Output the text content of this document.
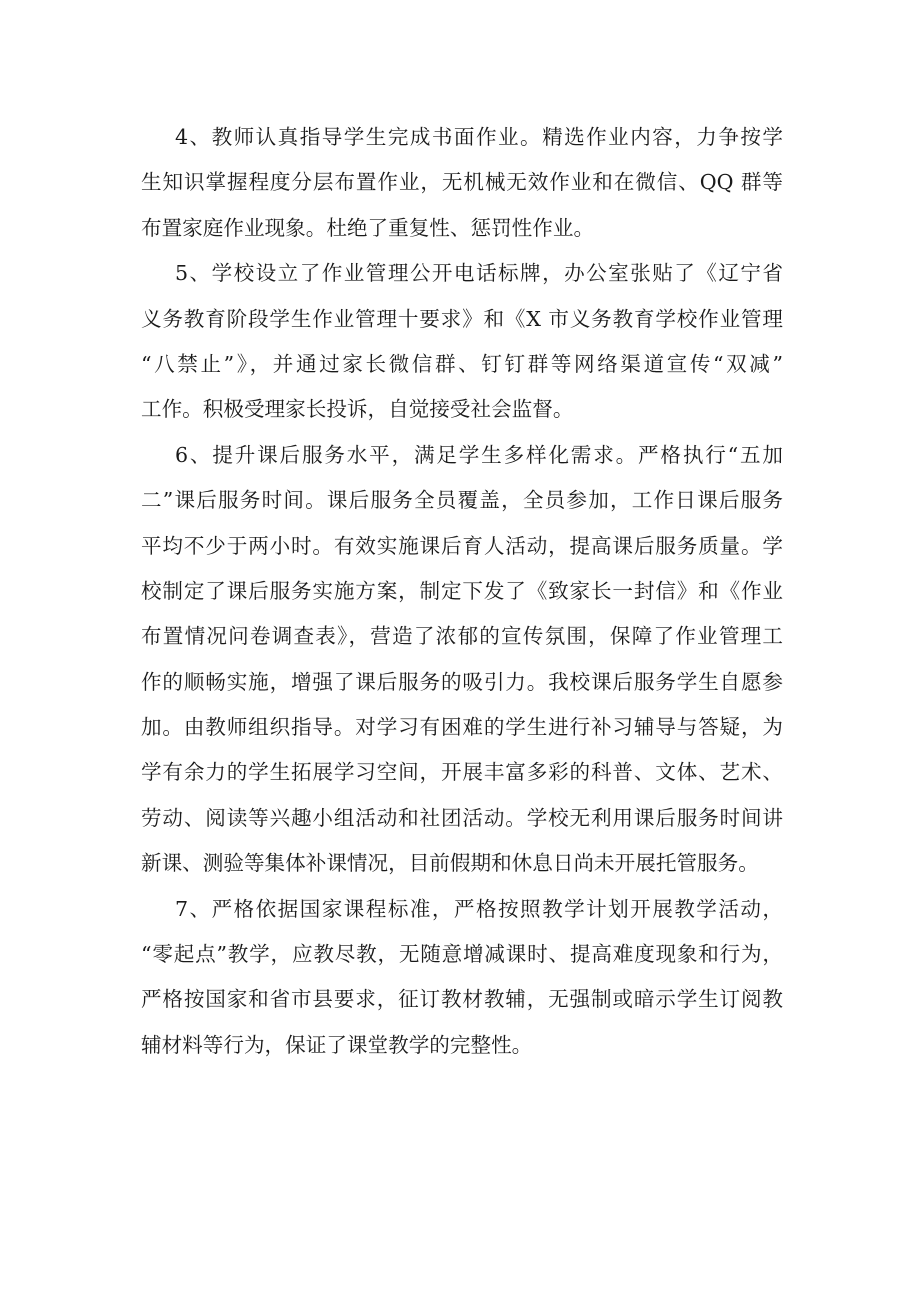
4、教师认真指导学生完成书面作业。精选作业内容，力争按学
生知识掌握程度分层布置作业，无机械无效作业和在微信、QQ 群等
布置家庭作业现象。杜绝了重复性、惩罚性作业。
5、学校设立了作业管理公开电话标牌，办公室张贴了《辽宁省
义务教育阶段学生作业管理十要求》和《X 市义务教育学校作业管理
“八禁止”》，并通过家长微信群、钉钉群等网络渠道宣传“双减”
工作。积极受理家长投诉，自觉接受社会监督。
6、提升课后服务水平，满足学生多样化需求。严格执行“五加
二”课后服务时间。课后服务全员覆盖，全员参加，工作日课后服务
平均不少于两小时。有效实施课后育人活动，提高课后服务质量。学
校制定了课后服务实施方案，制定下发了《致家长一封信》和《作业
布置情况问卷调查表》，营造了浓郁的宣传氛围，保障了作业管理工
作的顺畅实施，增强了课后服务的吸引力。我校课后服务学生自愿参
加。由教师组织指导。对学习有困难的学生进行补习辅导与答疑，为
学有余力的学生拓展学习空间，开展丰富多彩的科普、文体、艺术、
劳动、阅读等兴趣小组活动和社团活动。学校无利用课后服务时间讲
新课、测验等集体补课情况，目前假期和休息日尚未开展托管服务。
7、严格依据国家课程标准，严格按照教学计划开展教学活动，
“零起点”教学，应教尽教，无随意增减课时、提高难度现象和行为，
严格按国家和省市县要求，征订教材教辅，无强制或暗示学生订阅教
辅材料等行为，保证了课堂教学的完整性。
